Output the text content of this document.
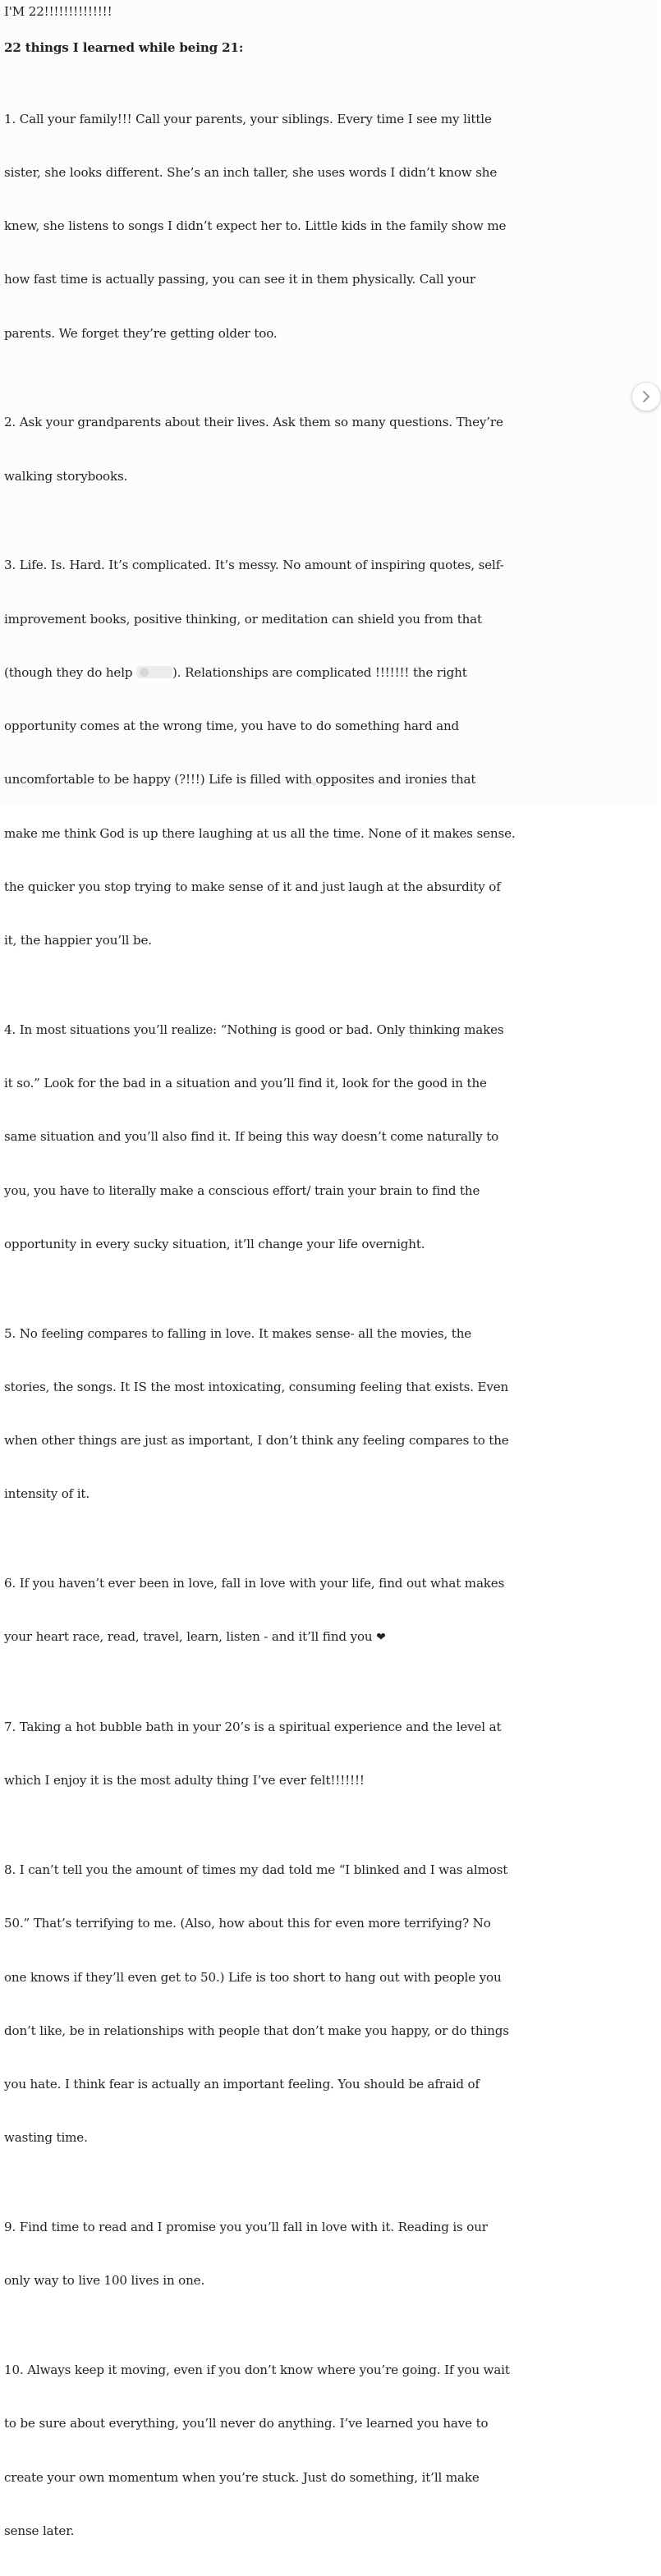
I'M 22!!!!!!!!!!!!!!
22 things I learned while being 21:

1. Call your family!!! Call your parents, your siblings. Every time I see my little

sister, she looks different. She’s an inch taller, she uses words I didn’t know she

knew, she listens to songs I didn’t expect her to. Little kids in the family show me

how fast time is actually passing, you can see it in them physically. Call your

parents. We forget they’re getting older too.

2. Ask your grandparents about their lives. Ask them so many questions. They’re

walking storybooks.

3. Life. Is. Hard. It’s complicated. It’s messy. No amount of inspiring quotes, self-

improvement books, positive thinking, or meditation can shield you from that

(though they do help	). Relationships are complicated !!!!!!! the right

opportunity comes at the wrong time, you have to do something hard and

uncomfortable to be happy (?!!!) Life is filled with opposites and ironies that

make me think God is up there laughing at us all the time. None of it makes sense.

the quicker you stop trying to make sense of it and just laugh at the absurdity of

it, the happier you’ll be.

4. In most situations you’ll realize: “Nothing is good or bad. Only thinking makes

it so.” Look for the bad in a situation and you’ll find it, look for the good in the

same situation and you’ll also find it. If being this way doesn’t come naturally to

you, you have to literally make a conscious effort/ train your brain to find the

opportunity in every sucky situation, it’ll change your life overnight.

5. No feeling compares to falling in love. It makes sense- all the movies, the

stories, the songs. It IS the most intoxicating, consuming feeling that exists. Even

when other things are just as important, I don’t think any feeling compares to the

intensity of it.

6. If you haven’t ever been in love, fall in love with your life, find out what makes

your heart race, read, travel, learn, listen - and it’ll find you ❤

7. Taking a hot bubble bath in your 20’s is a spiritual experience and the level at

which I enjoy it is the most adulty thing I’ve ever felt!!!!!!!

8. I can’t tell you the amount of times my dad told me “I blinked and I was almost

50.” That’s terrifying to me. (Also, how about this for even more terrifying? No

one knows if they’ll even get to 50.) Life is too short to hang out with people you

don’t like, be in relationships with people that don’t make you happy, or do things

you hate. I think fear is actually an important feeling. You should be afraid of

wasting time.

9. Find time to read and I promise you you’ll fall in love with it. Reading is our

only way to live 100 lives in one.

10. Always keep it moving, even if you don’t know where you’re going. If you wait

to be sure about everything, you’ll never do anything. I’ve learned you have to

create your own momentum when you’re stuck. Just do something, it’ll make

sense later.
